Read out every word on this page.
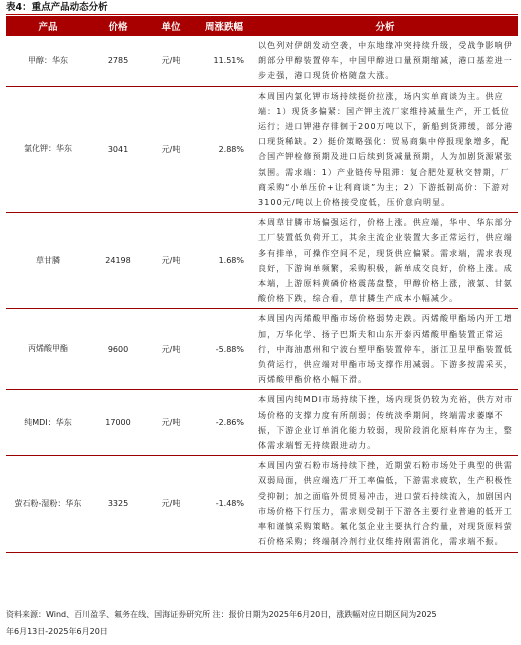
表4：重点产品动态分析
产品	价格	单位	周涨跌幅	分析
甲醇：华东	2785	元/吨	11.51%	以色列对伊朗发动空袭，中东地缘冲突持续升级，受战争影响伊朗部分甲醇装置停车，中国甲醇进口量预期缩减，港口基差进一步走强，港口现货价格随盘大涨。
氯化钾：华东	3041	元/吨	2.88%	本周国内氯化钾市场持续挺价拉涨，场内实单商谈为主。供应端：1）现货多偏紧：国产钾主流厂家维持减量生产，开工低位运行；进口钾港存徘徊于200万吨以下，新船到货滞缓，部分港口现货稀缺。2）挺价策略强化：贸易商集中停报现象增多，配合国产钾检修预期及进口后续到货减量预期，人为加剧货源紧张氛围。需求端：1）产业链传导阻滞：复合肥处夏秋交替期，厂商采购“小单压价+让利商谈”为主；2）下游抵制高价：下游对3100元/吨以上价格接受度低，压价意向明显。
草甘膦	24198	元/吨	1.68%	本周草甘膦市场偏强运行，价格上涨。供应端，华中、华东部分工厂装置低负荷开工，其余主流企业装置大多正常运行，供应端多有排单，可操作空间不足，现货供应偏紧。需求端，需求表现良好，下游询单频繁，采购积极，新单成交良好，价格上涨。成本端，上游原料黄磷价格震荡盘整，甲醇价格上涨，液氯、甘氨酸价格下跌，综合看，草甘膦生产成本小幅减少。
丙烯酸甲酯	9600	元/吨	-5.88%	本周国内丙烯酸甲酯市场价格弱势走跌。丙烯酸甲酯场内开工增加，万华化学、扬子巴斯夫和山东开泰丙烯酸甲酯装置正常运行，中海油惠州和宁波台塑甲酯装置停车，浙江卫星甲酯装置低负荷运行，供应端对甲酯市场支撑作用减弱。下游多按需采买，丙烯酸甲酯价格小幅下滑。
纯MDI：华东	17000	元/吨	-2.86%	本周国内纯MDI市场持续下挫，场内现货仍较为充裕，供方对市场价格的支撑力度有所削弱；传统淡季期间，终端需求萎靡不振，下游企业订单消化能力较弱，现阶段消化原料库存为主，整体需求端暂无持续跟进动力。
萤石粉-湿粉：华东	3325	元/吨	-1.48%	本周国内萤石粉市场持续下挫，近期萤石粉市场处于典型的供需双弱局面，供应端选厂开工率偏低，下游需求疲软，生产积极性受抑制；加之面临外贸贸易冲击，进口萤石持续流入，加剧国内市场价格下行压力，需求则受制于下游各主要行业普遍的低开工率和谨慎采购策略。氟化氢企业主要执行合约量，对现货原料萤石价格采购；终端制冷剂行业仅维持刚需消化，需求端不振。
资料来源：Wind、百川盈孚、氟务在线、国海证券研究所 注：报价日期为2025年6月20日，涨跌幅对应日期区间为2025
年6月13日-2025年6月20日
